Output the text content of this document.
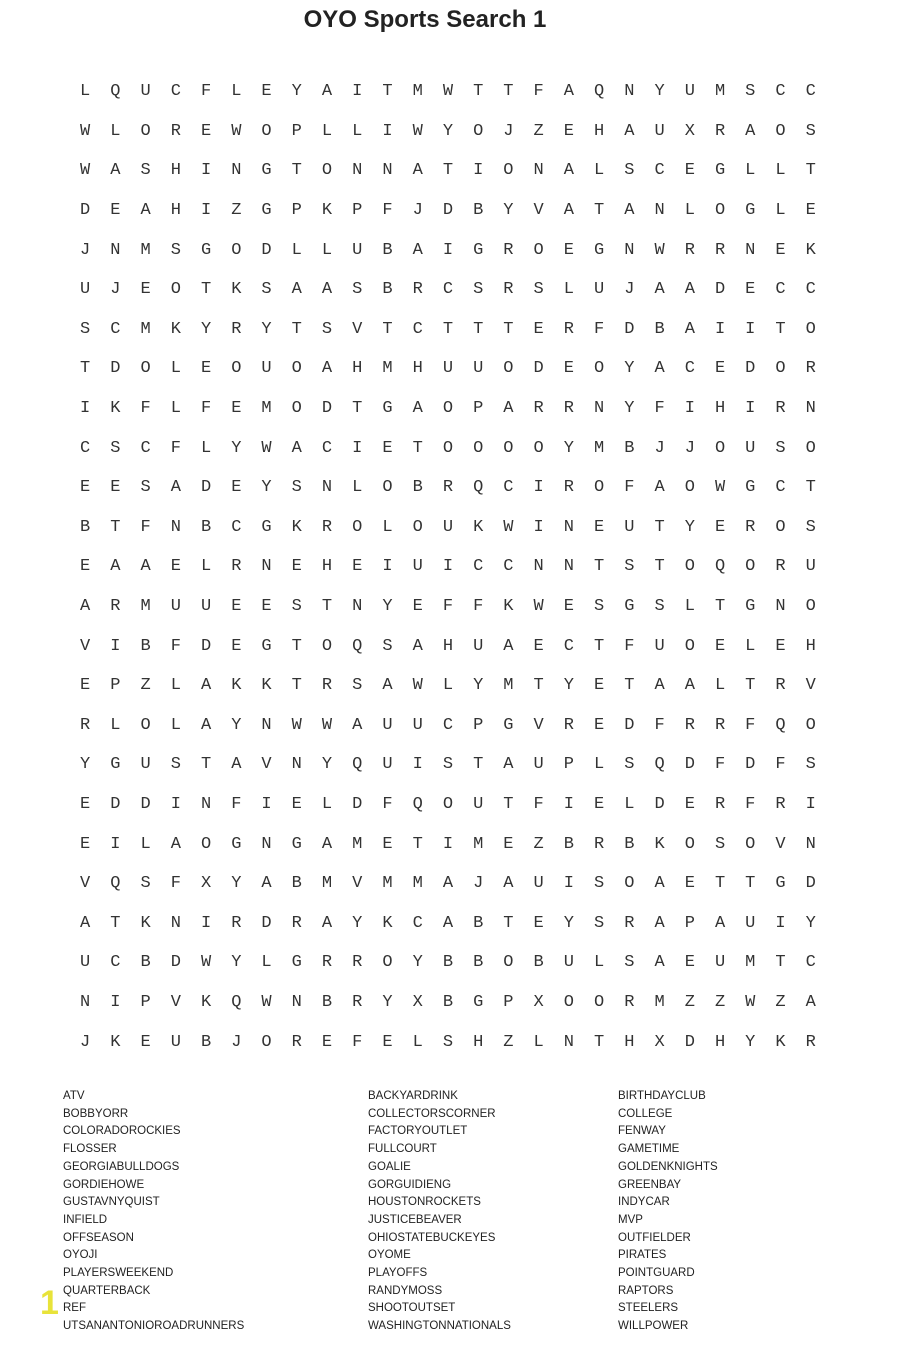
OYO Sports Search 1
L	Q	U	C	F	L	E	Y	A	I	T	M	W	T	T	F	A	Q	N	Y	U	M	S	C	C
W	L	O	R	E	W	O	P	L	L	I	W	Y	O	J	Z	E	H	A	U	X	R	A	O	S
W	A	S	H	I	N	G	T	O	N	N	A	T	I	O	N	A	L	S	C	E	G	L	L	T
D	E	A	H	I	Z	G	P	K	P	F	J	D	B	Y	V	A	T	A	N	L	O	G	L	E
J	N	M	S	G	O	D	L	L	U	B	A	I	G	R	O	E	G	N	W	R	R	N	E	K
U	J	E	O	T	K	S	A	A	S	B	R	C	S	R	S	L	U	J	A	A	D	E	C	C
S	C	M	K	Y	R	Y	T	S	V	T	C	T	T	T	E	R	F	D	B	A	I	I	T	O
T	D	O	L	E	O	U	O	A	H	M	H	U	U	O	D	E	O	Y	A	C	E	D	O	R
I	K	F	L	F	E	M	O	D	T	G	A	O	P	A	R	R	N	Y	F	I	H	I	R	N
C	S	C	F	L	Y	W	A	C	I	E	T	O	O	O	O	Y	M	B	J	J	O	U	S	O
E	E	S	A	D	E	Y	S	N	L	O	B	R	Q	C	I	R	O	F	A	O	W	G	C	T
B	T	F	N	B	C	G	K	R	O	L	O	U	K	W	I	N	E	U	T	Y	E	R	O	S
E	A	A	E	L	R	N	E	H	E	I	U	I	C	C	N	N	T	S	T	O	Q	O	R	U
A	R	M	U	U	E	E	S	T	N	Y	E	F	F	K	W	E	S	G	S	L	T	G	N	O
V	I	B	F	D	E	G	T	O	Q	S	A	H	U	A	E	C	T	F	U	O	E	L	E	H
E	P	Z	L	A	K	K	T	R	S	A	W	L	Y	M	T	Y	E	T	A	A	L	T	R	V
R	L	O	L	A	Y	N	W	W	A	U	U	C	P	G	V	R	E	D	F	R	R	F	Q	O
Y	G	U	S	T	A	V	N	Y	Q	U	I	S	T	A	U	P	L	S	Q	D	F	D	F	S
E	D	D	I	N	F	I	E	L	D	F	Q	O	U	T	F	I	E	L	D	E	R	F	R	I
E	I	L	A	O	G	N	G	A	M	E	T	I	M	E	Z	B	R	B	K	O	S	O	V	N
V	Q	S	F	X	Y	A	B	M	V	M	M	A	J	A	U	I	S	O	A	E	T	T	G	D
A	T	K	N	I	R	D	R	A	Y	K	C	A	B	T	E	Y	S	R	A	P	A	U	I	Y
U	C	B	D	W	Y	L	G	R	R	O	Y	B	B	O	B	U	L	S	A	E	U	M	T	C
N	I	P	V	K	Q	W	N	B	R	Y	X	B	G	P	X	O	O	R	M	Z	Z	W	Z	A
J	K	E	U	B	J	O	R	E	F	E	L	S	H	Z	L	N	T	H	X	D	H	Y	K	R
ATV
BOBBYORR
COLORADOROCKIES
FLOSSER
GEORGIABULLDOGS
GORDIEHOWE
GUSTAVNYQUIST
INFIELD
OFFSEASON
OYOJI
PLAYERSWEEKEND
QUARTERBACK
REF
UTSANANTONIOROADRUNNERS
BACKYARDRINK
COLLECTORSCORNER
FACTORYOUTLET
FULLCOURT
GOALIE
GORGUIDIENG
HOUSTONROCKETS
JUSTICEBEAVER
OHIOSTATEBUCKEYES
OYOME
PLAYOFFS
RANDYMOSS
SHOOTOUTSET
WASHINGTONNATIONALS
BIRTHDAYCLUB
COLLEGE
FENWAY
GAMETIME
GOLDENKNIGHTS
GREENBAY
INDYCAR
MVP
OUTFIELDER
PIRATES
POINTGUARD
RAPTORS
STEELERS
WILLPOWER
1
